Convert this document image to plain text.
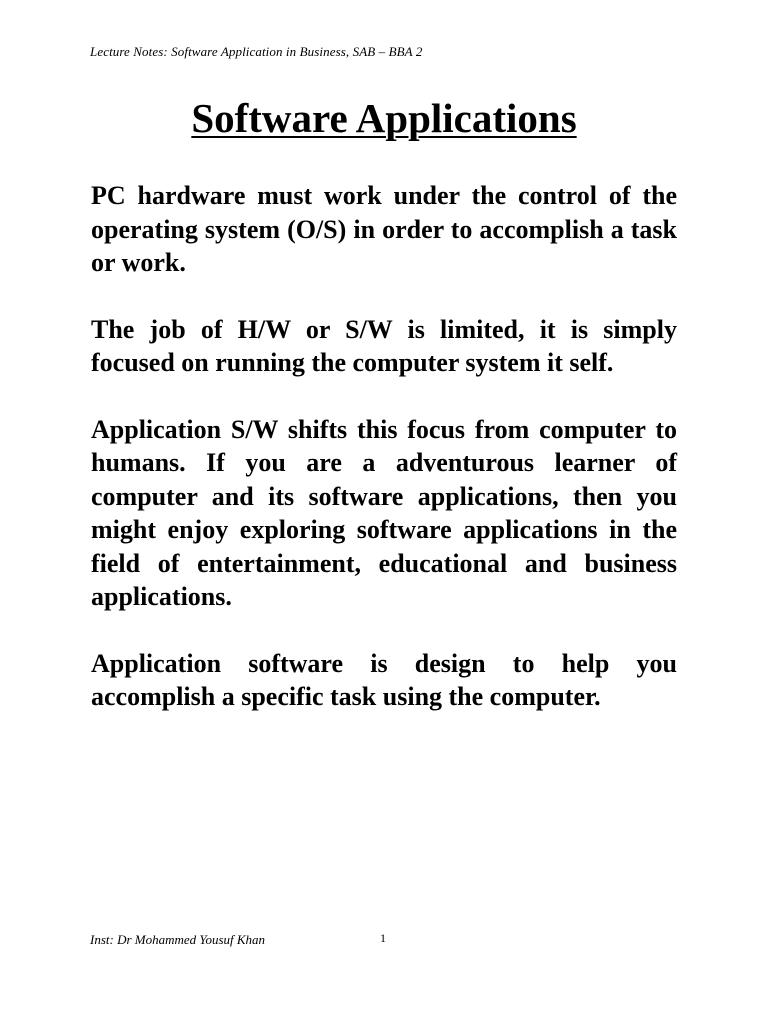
Lecture Notes: Software Application in Business, SAB – BBA 2
Software Applications

PC hardware must work under the control of the operating system (O/S) in order to accomplish a task or work.

The job of H/W or S/W is limited, it is simply focused on running the computer system it self.

Application S/W shifts this focus from computer to humans. If you are a adventurous learner of computer and its software applications, then you might enjoy exploring software applications in the field of entertainment, educational and business applications.

Application software is design to help you accomplish a specific task using the computer.

Inst: Dr Mohammed Yousuf Khan	1
